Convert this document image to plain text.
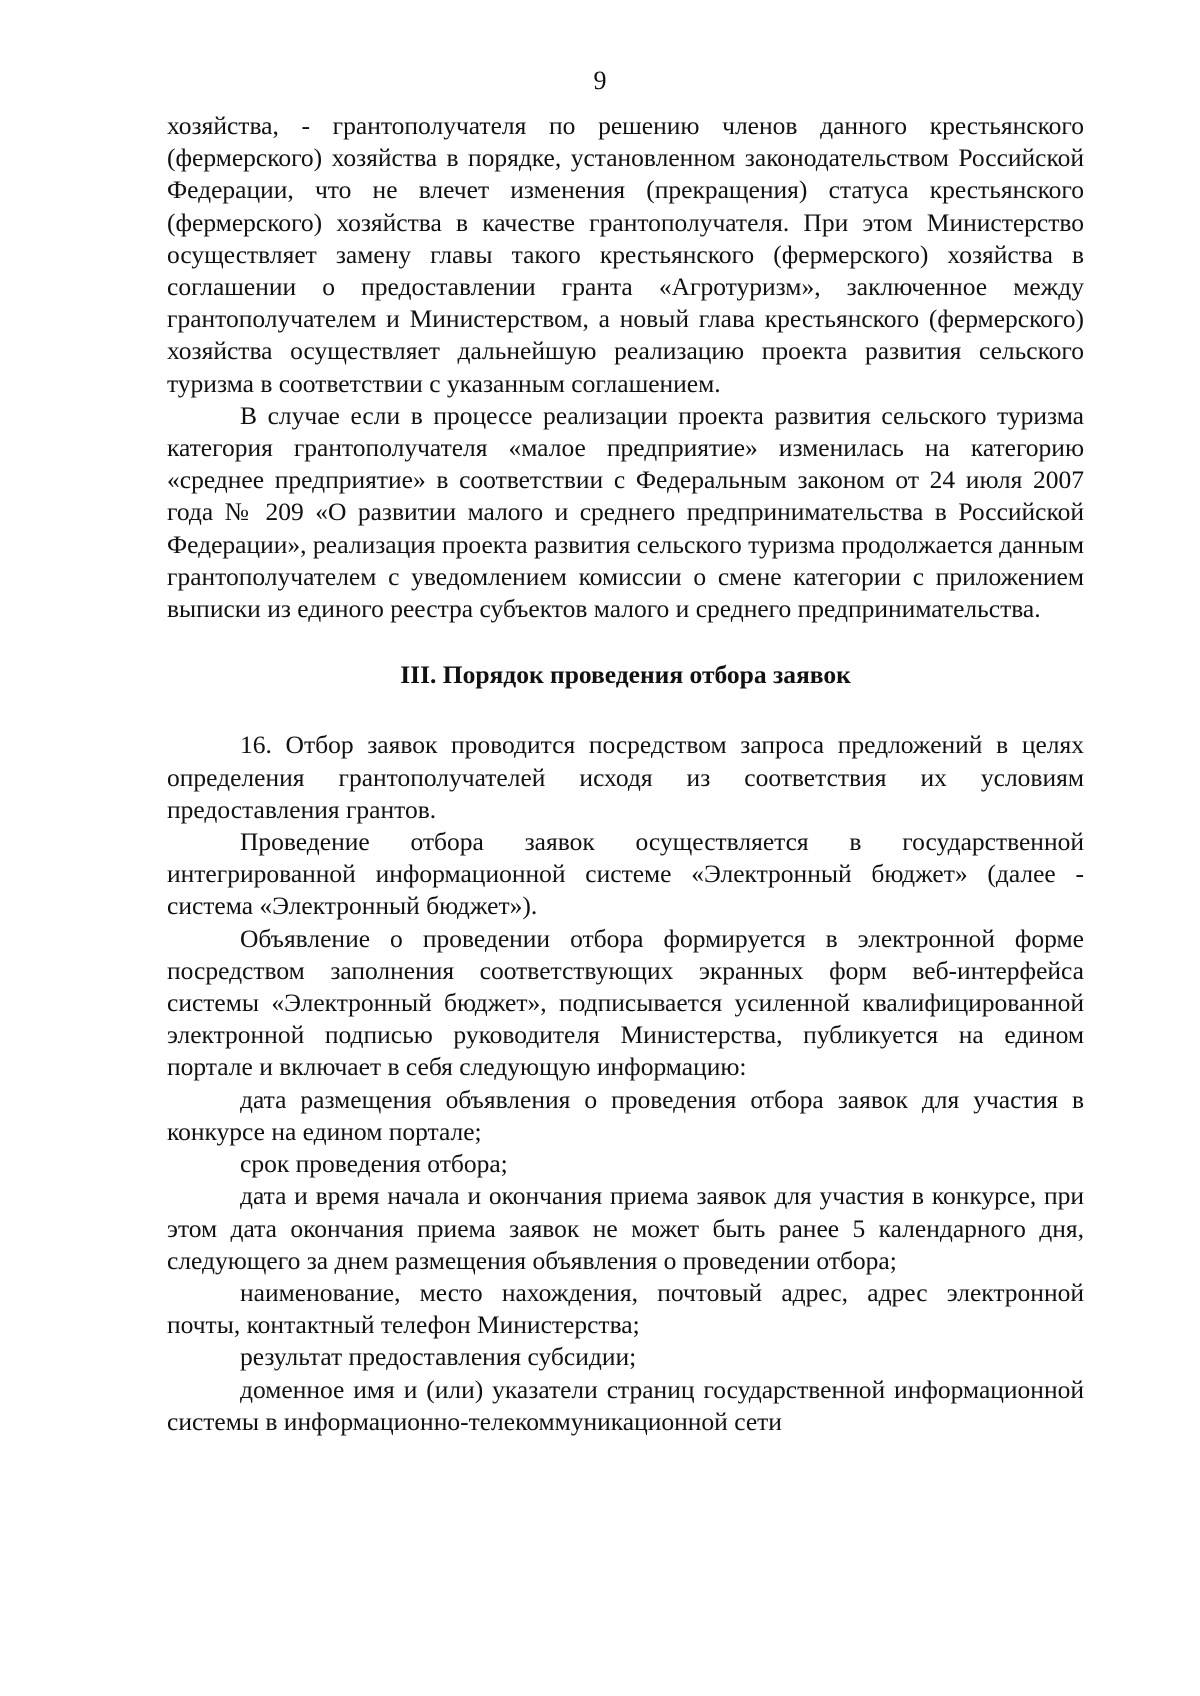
9

хозяйства, - грантополучателя по решению членов данного крестьянского (фермерского) хозяйства в порядке, установленном законодательством Российской Федерации, что не влечет изменения (прекращения) статуса крестьянского (фермерского) хозяйства в качестве грантополучателя. При этом Министерство осуществляет замену главы такого крестьянского (фермерского) хозяйства в соглашении о предоставлении гранта «Агротуризм», заключенное между грантополучателем и Министерством, а новый глава крестьянского (фермерского) хозяйства осуществляет дальнейшую реализацию проекта развития сельского туризма в соответствии с указанным соглашением.

В случае если в процессе реализации проекта развития сельского туризма категория грантополучателя «малое предприятие» изменилась на категорию «среднее предприятие» в соответствии с Федеральным законом от 24 июля 2007 года № 209 «О развитии малого и среднего предпринимательства в Российской Федерации», реализация проекта развития сельского туризма продолжается данным грантополучателем с уведомлением комиссии о смене категории с приложением выписки из единого реестра субъектов малого и среднего предпринимательства.

III. Порядок проведения отбора заявок

16. Отбор заявок проводится посредством запроса предложений в целях определения грантополучателей исходя из соответствия их условиям предоставления грантов.

Проведение отбора заявок осуществляется в государственной интегрированной информационной системе «Электронный бюджет» (далее - система «Электронный бюджет»).

Объявление о проведении отбора формируется в электронной форме посредством заполнения соответствующих экранных форм веб-интерфейса системы «Электронный бюджет», подписывается усиленной квалифицированной электронной подписью руководителя Министерства, публикуется на едином портале и включает в себя следующую информацию:

дата размещения объявления о проведения отбора заявок для участия в конкурсе на едином портале;

срок проведения отбора;

дата и время начала и окончания приема заявок для участия в конкурсе, при этом дата окончания приема заявок не может быть ранее 5 календарного дня, следующего за днем размещения объявления о проведении отбора;

наименование, место нахождения, почтовый адрес, адрес электронной почты, контактный телефон Министерства;

результат предоставления субсидии;

доменное имя и (или) указатели страниц государственной информационной системы в информационно-телекоммуникационной сети
